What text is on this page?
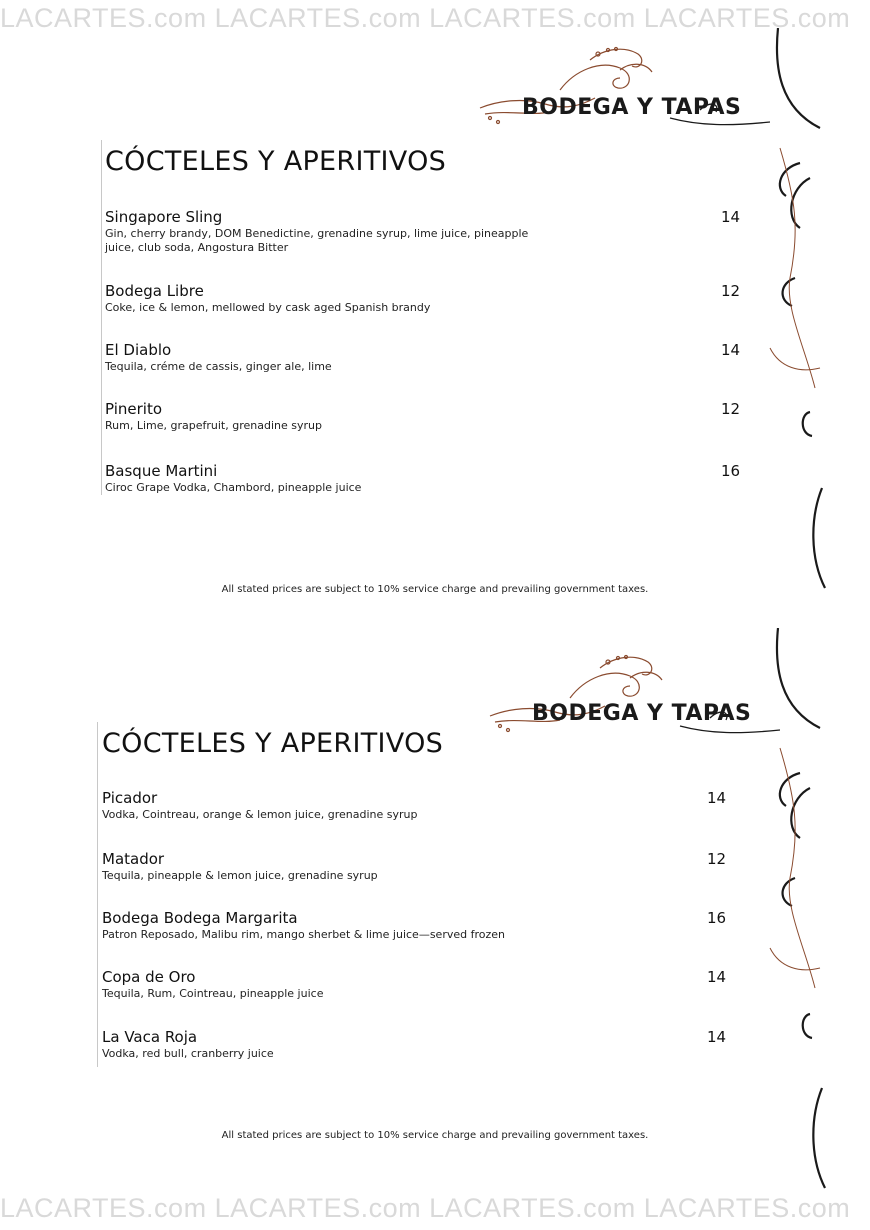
LACARTES.com LACARTES.com LACARTES.com LACARTES.com
LACARTES.com LACARTES.com LACARTES.com LACARTES.com
BODEGA Y TAPAS
CÓCTELES Y APERITIVOS
Singapore Sling
Gin, cherry brandy, DOM Benedictine, grenadine syrup, lime juice, pineapple juice, club soda, Angostura Bitter
14
Bodega Libre
Coke, ice & lemon, mellowed by cask aged Spanish brandy
12
El Diablo
Tequila, créme de cassis, ginger ale, lime
14
Pinerito
Rum, Lime, grapefruit, grenadine syrup
12
Basque Martini
Ciroc Grape Vodka, Chambord, pineapple juice
16
All stated prices are subject to 10% service charge and prevailing government taxes.
BODEGA Y TAPAS
CÓCTELES Y APERITIVOS
Picador
Vodka, Cointreau, orange & lemon juice, grenadine syrup
14
Matador
Tequila, pineapple & lemon juice, grenadine syrup
12
Bodega Bodega Margarita
Patron Reposado, Malibu rim, mango sherbet & lime juice—served frozen
16
Copa de Oro
Tequila, Rum, Cointreau, pineapple juice
14
La Vaca Roja
Vodka, red bull, cranberry juice
14
All stated prices are subject to 10% service charge and prevailing government taxes.
